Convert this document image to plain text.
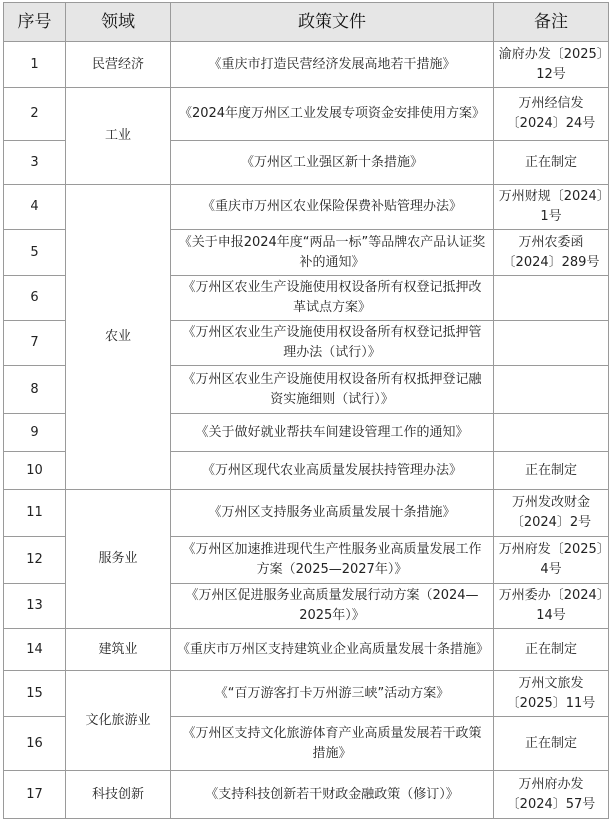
序号	领域	政策文件	备注
1	民营经济	《重庆市打造民营经济发展高地若干措施》	渝府办发〔2025〕12号
2	工业	《2024年度万州区工业发展专项资金安排使用方案》	万州经信发〔2024〕24号
3		《万州区工业强区新十条措施》	正在制定
4	农业	《重庆市万州区农业保险保费补贴管理办法》	万州财规〔2024〕1号
5		《关于申报2024年度“两品一标”等品牌农产品认证奖补的通知》	万州农委函〔2024〕289号
6		《万州区农业生产设施使用权设备所有权登记抵押改革试点方案》	
7		《万州区农业生产设施使用权设备所有权登记抵押管理办法（试行）》	
8		《万州区农业生产设施使用权设备所有权抵押登记融资实施细则（试行）》	
9		《关于做好就业帮扶车间建设管理工作的通知》	
10		《万州区现代农业高质量发展扶持管理办法》	正在制定
11	服务业	《万州区支持服务业高质量发展十条措施》	万州发改财金〔2024〕2号
12		《万州区加速推进现代生产性服务业高质量发展工作方案（2025—2027年）》	万州府发〔2025〕4号
13		《万州区促进服务业高质量发展行动方案（2024—2025年）》	万州委办〔2024〕14号
14	建筑业	《重庆市万州区支持建筑业企业高质量发展十条措施》	正在制定
15	文化旅游业	《“百万游客打卡万州游三峡”活动方案》	万州文旅发〔2025〕11号
16		《万州区支持文化旅游体育产业高质量发展若干政策措施》	正在制定
17	科技创新	《支持科技创新若干财政金融政策（修订）》	万州府办发〔2024〕57号
